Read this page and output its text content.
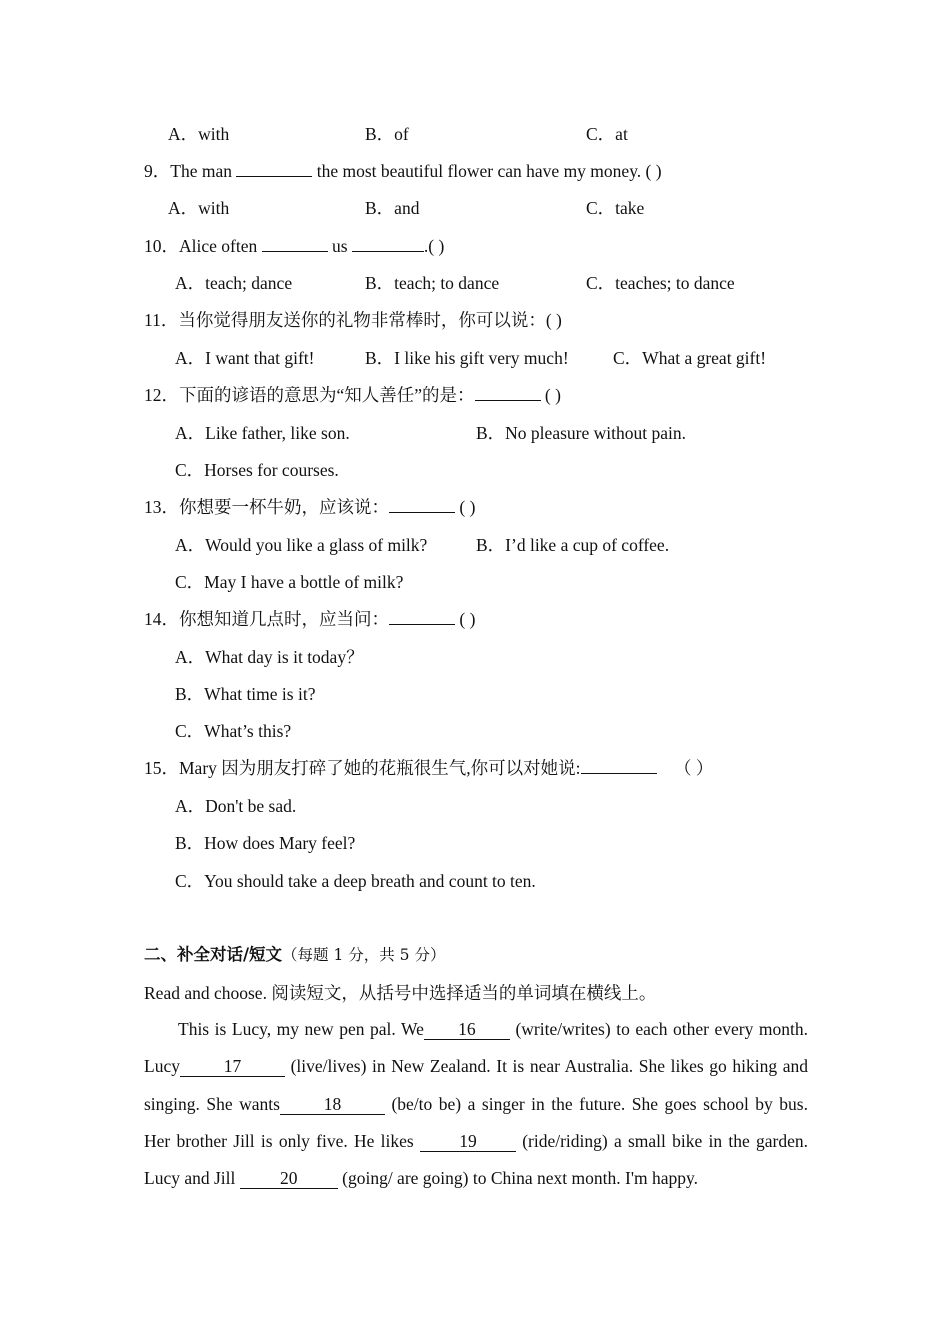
A．with	B．of	C．at
9．The man	the most beautiful flower can have my money. ( )
A．with	B．and	C．take
10．Alice often	us	.( )
A．teach; dance	B．teach; to dance	C．teaches; to dance
11．当你觉得朋友送你的礼物非常棒时，你可以说：( )
A．I want that gift!	B．I like his gift very much!	C．What a great gift!
12．下面的谚语的意思为“知人善任”的是：	( )
A．Like father, like son.	B．No pleasure without pain.
C．Horses for courses.
13．你想要一杯牛奶，应该说：	( )
A．Would you like a glass of milk?	B．I’d like a cup of coffee.
C．May I have a bottle of milk?
14．你想知道几点时，应当问：	( )
A．What day is it today？
B．What time is it?
C．What’s this?
15．Mary 因为朋友打碎了她的花瓶很生气,你可以对她说:	（ ）
A．Don't be sad.
B．How does Mary feel?
C．You should take a deep breath and count to ten.
二、补全对话/短文（每题 1 分，共 5 分）
Read and choose. 阅读短文，从括号中选择适当的单词填在横线上。

This is Lucy, my new pen pal. We 16 (write/writes) to each other every month. Lucy	17	(live/lives) in New Zealand. It is near Australia. She likes go hiking and singing. She wants	18	(be/to be) a singer in the future. She goes school by bus. Her brother Jill is only five. He likes 19 (ride/riding) a small bike in the garden. Lucy and Jill 20 (going/ are going) to China next month. I'm happy.
